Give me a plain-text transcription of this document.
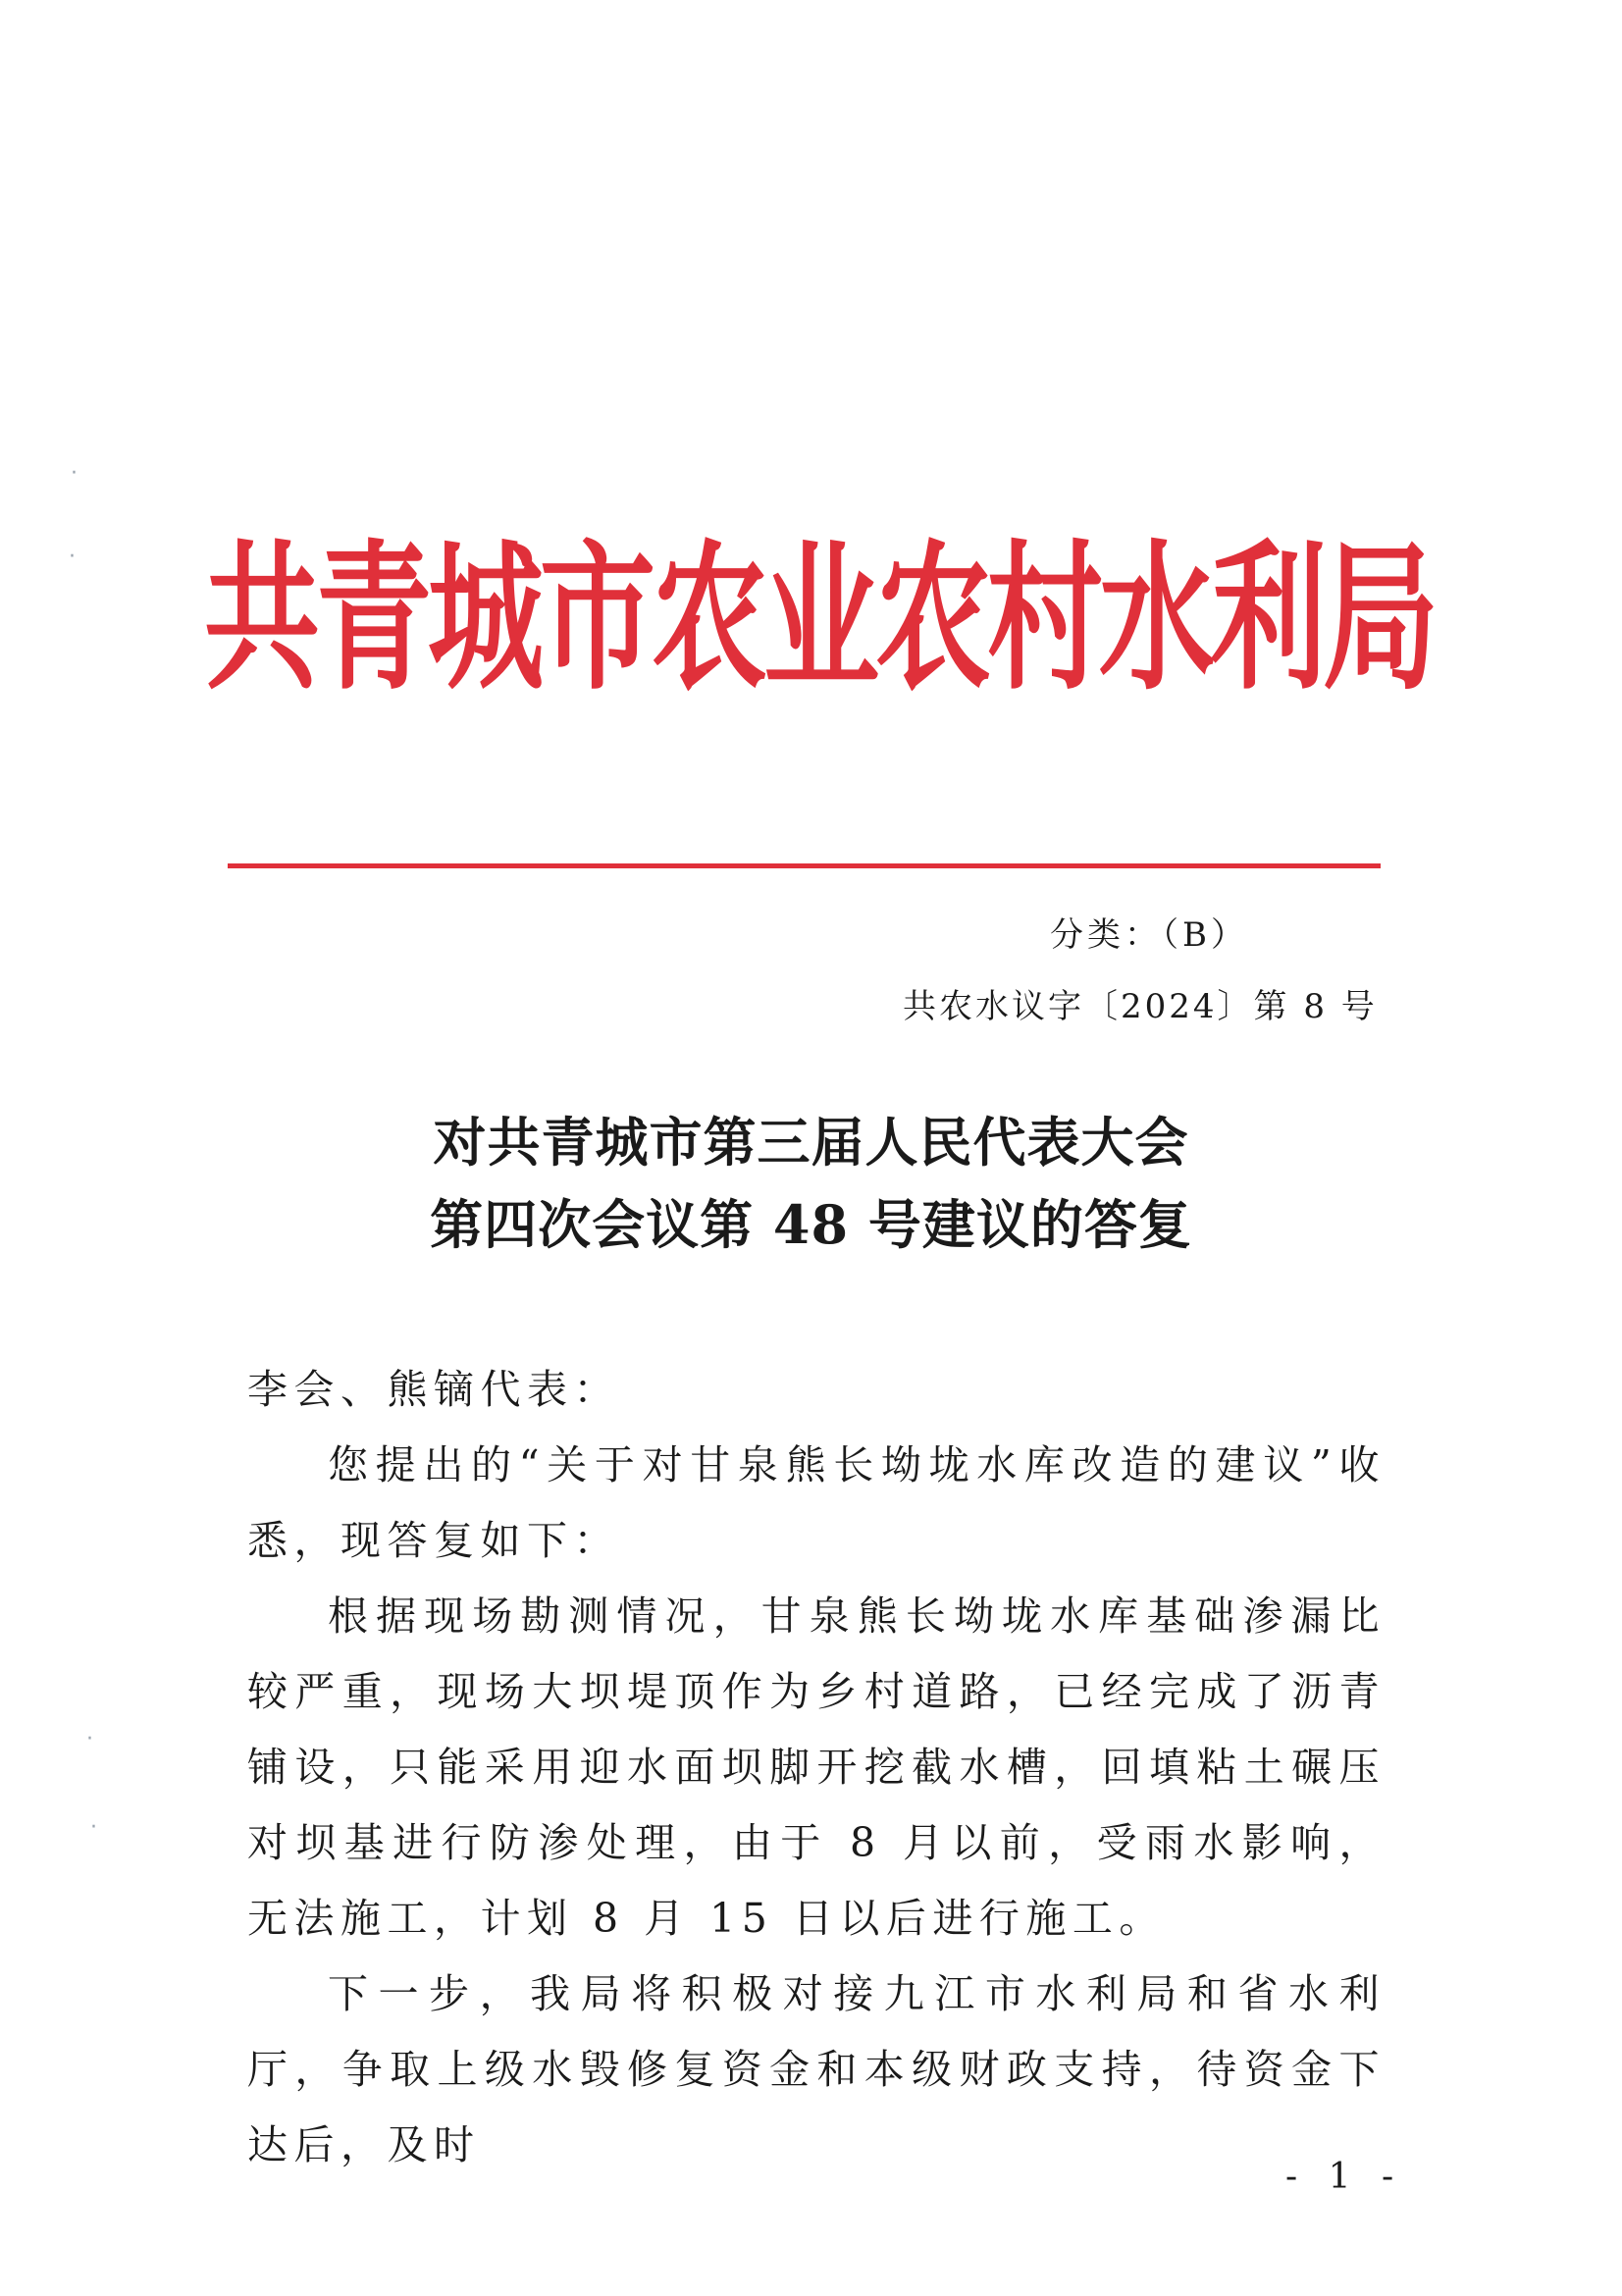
·
·
·
·
共青城市农业农村水利局
分类：（B）
共农水议字〔2024〕第 8 号
对共青城市第三届人民代表大会
第四次会议第 48 号建议的答复

李会、熊镝代表：

您提出的“关于对甘泉熊长坳垅水库改造的建议”收悉，现答复如下：

根据现场勘测情况，甘泉熊长坳垅水库基础渗漏比较严重，现场大坝堤顶作为乡村道路，已经完成了沥青铺设，只能采用迎水面坝脚开挖截水槽，回填粘土碾压对坝基进行防渗处理，由于 8 月以前，受雨水影响，无法施工，计划 8 月 15 日以后进行施工。

下一步，我局将积极对接九江市水利局和省水利厅，争取上级水毁修复资金和本级财政支持，待资金下达后，及时

- 1 -
